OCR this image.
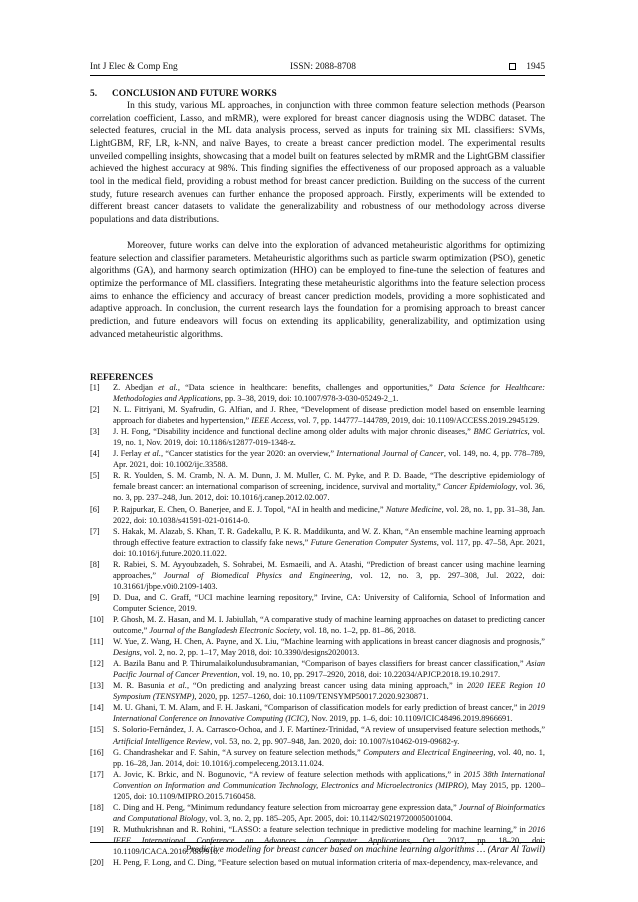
Int J Elec & Comp Eng	ISSN: 2088-8708	1945
5. CONCLUSION AND FUTURE WORKS

In this study, various ML approaches, in conjunction with three common feature selection methods (Pearson correlation coefficient, Lasso, and mRMR), were explored for breast cancer diagnosis using the WDBC dataset. The selected features, crucial in the ML data analysis process, served as inputs for training six ML classifiers: SVMs, LightGBM, RF, LR, k-NN, and naïve Bayes, to create a breast cancer prediction model. The experimental results unveiled compelling insights, showcasing that a model built on features selected by mRMR and the LightGBM classifier achieved the highest accuracy at 98%. This finding signifies the effectiveness of our proposed approach as a valuable tool in the medical field, providing a robust method for breast cancer prediction. Building on the success of the current study, future research avenues can further enhance the proposed approach. Firstly, experiments will be extended to different breast cancer datasets to validate the generalizability and robustness of our methodology across diverse populations and data distributions.

Moreover, future works can delve into the exploration of advanced metaheuristic algorithms for optimizing feature selection and classifier parameters. Metaheuristic algorithms such as particle swarm optimization (PSO), genetic algorithms (GA), and harmony search optimization (HHO) can be employed to fine-tune the selection of features and optimize the performance of ML classifiers. Integrating these metaheuristic algorithms into the feature selection process aims to enhance the efficiency and accuracy of breast cancer prediction models, providing a more sophisticated and adaptive approach. In conclusion, the current research lays the foundation for a promising approach to breast cancer prediction, and future endeavors will focus on extending its applicability, generalizability, and optimization using advanced metaheuristic algorithms.

REFERENCES
[1] Z. Abedjan et al., “Data science in healthcare: benefits, challenges and opportunities,” Data Science for Healthcare: Methodologies and Applications, pp. 3–38, 2019, doi: 10.1007/978-3-030-05249-2_1.
[2] N. L. Fitriyani, M. Syafrudin, G. Alfian, and J. Rhee, “Development of disease prediction model based on ensemble learning approach for diabetes and hypertension,” IEEE Access, vol. 7, pp. 144777–144789, 2019, doi: 10.1109/ACCESS.2019.2945129.
[3] J. H. Fong, “Disability incidence and functional decline among older adults with major chronic diseases,” BMC Geriatrics, vol. 19, no. 1, Nov. 2019, doi: 10.1186/s12877-019-1348-z.
[4] J. Ferlay et al., “Cancer statistics for the year 2020: an overview,” International Journal of Cancer, vol. 149, no. 4, pp. 778–789, Apr. 2021, doi: 10.1002/ijc.33588.
[5] R. R. Youlden, S. M. Cramb, N. A. M. Dunn, J. M. Muller, C. M. Pyke, and P. D. Baade, “The descriptive epidemiology of female breast cancer: an international comparison of screening, incidence, survival and mortality,” Cancer Epidemiology, vol. 36, no. 3, pp. 237–248, Jun. 2012, doi: 10.1016/j.canep.2012.02.007.
[6] P. Rajpurkar, E. Chen, O. Banerjee, and E. J. Topol, “AI in health and medicine,” Nature Medicine, vol. 28, no. 1, pp. 31–38, Jan. 2022, doi: 10.1038/s41591-021-01614-0.
[7] S. Hakak, M. Alazab, S. Khan, T. R. Gadekallu, P. K. R. Maddikunta, and W. Z. Khan, “An ensemble machine learning approach through effective feature extraction to classify fake news,” Future Generation Computer Systems, vol. 117, pp. 47–58, Apr. 2021, doi: 10.1016/j.future.2020.11.022.
[8] R. Rabiei, S. M. Ayyoubzadeh, S. Sohrabei, M. Esmaeili, and A. Atashi, “Prediction of breast cancer using machine learning approaches,” Journal of Biomedical Physics and Engineering, vol. 12, no. 3, pp. 297–308, Jul. 2022, doi: 10.31661/jbpe.v0i0.2109-1403.
[9] D. Dua, and C. Graff, “UCI machine learning repository,” Irvine, CA: University of California, School of Information and Computer Science, 2019.
[10] P. Ghosh, M. Z. Hasan, and M. I. Jabiullah, “A comparative study of machine learning approaches on dataset to predicting cancer outcome,” Journal of the Bangladesh Electronic Society, vol. 18, no. 1–2, pp. 81–86, 2018.
[11] W. Yue, Z. Wang, H. Chen, A. Payne, and X. Liu, “Machine learning with applications in breast cancer diagnosis and prognosis,” Designs, vol. 2, no. 2, pp. 1–17, May 2018, doi: 10.3390/designs2020013.
[12] A. Bazila Banu and P. Thirumalaikolundusubramanian, “Comparison of bayes classifiers for breast cancer classification,” Asian Pacific Journal of Cancer Prevention, vol. 19, no. 10, pp. 2917–2920, 2018, doi: 10.22034/APJCP.2018.19.10.2917.
[13] M. R. Basunia et al., “On predicting and analyzing breast cancer using data mining approach,” in 2020 IEEE Region 10 Symposium (TENSYMP), 2020, pp. 1257–1260, doi: 10.1109/TENSYMP50017.2020.9230871.
[14] M. U. Ghani, T. M. Alam, and F. H. Jaskani, “Comparison of classification models for early prediction of breast cancer,” in 2019 International Conference on Innovative Computing (ICIC), Nov. 2019, pp. 1–6, doi: 10.1109/ICIC48496.2019.8966691.
[15] S. Solorio-Fernández, J. A. Carrasco-Ochoa, and J. F. Martínez-Trinidad, “A review of unsupervised feature selection methods,” Artificial Intelligence Review, vol. 53, no. 2, pp. 907–948, Jan. 2020, doi: 10.1007/s10462-019-09682-y.
[16] G. Chandrashekar and F. Sahin, “A survey on feature selection methods,” Computers and Electrical Engineering, vol. 40, no. 1, pp. 16–28, Jan. 2014, doi: 10.1016/j.compeleceng.2013.11.024.
[17] A. Jovic, K. Brkic, and N. Bogunovic, “A review of feature selection methods with applications,” in 2015 38th International Convention on Information and Communication Technology, Electronics and Microelectronics (MIPRO), May 2015, pp. 1200–1205, doi: 10.1109/MIPRO.2015.7160458.
[18] C. Ding and H. Peng, “Minimum redundancy feature selection from microarray gene expression data,” Journal of Bioinformatics and Computational Biology, vol. 3, no. 2, pp. 185–205, Apr. 2005, doi: 10.1142/S0219720005001004.
[19] R. Muthukrishnan and R. Rohini, “LASSO: a feature selection technique in predictive modeling for machine learning,” in 2016 IEEE International Conference on Advances in Computer Applications, Oct. 2017, pp. 18–20, doi: 10.1109/ICACA.2016.7887916.
[20] H. Peng, F. Long, and C. Ding, “Feature selection based on mutual information criteria of max-dependency, max-relevance, and
Predictive modeling for breast cancer based on machine learning algorithms … (Arar Al Tawil)
